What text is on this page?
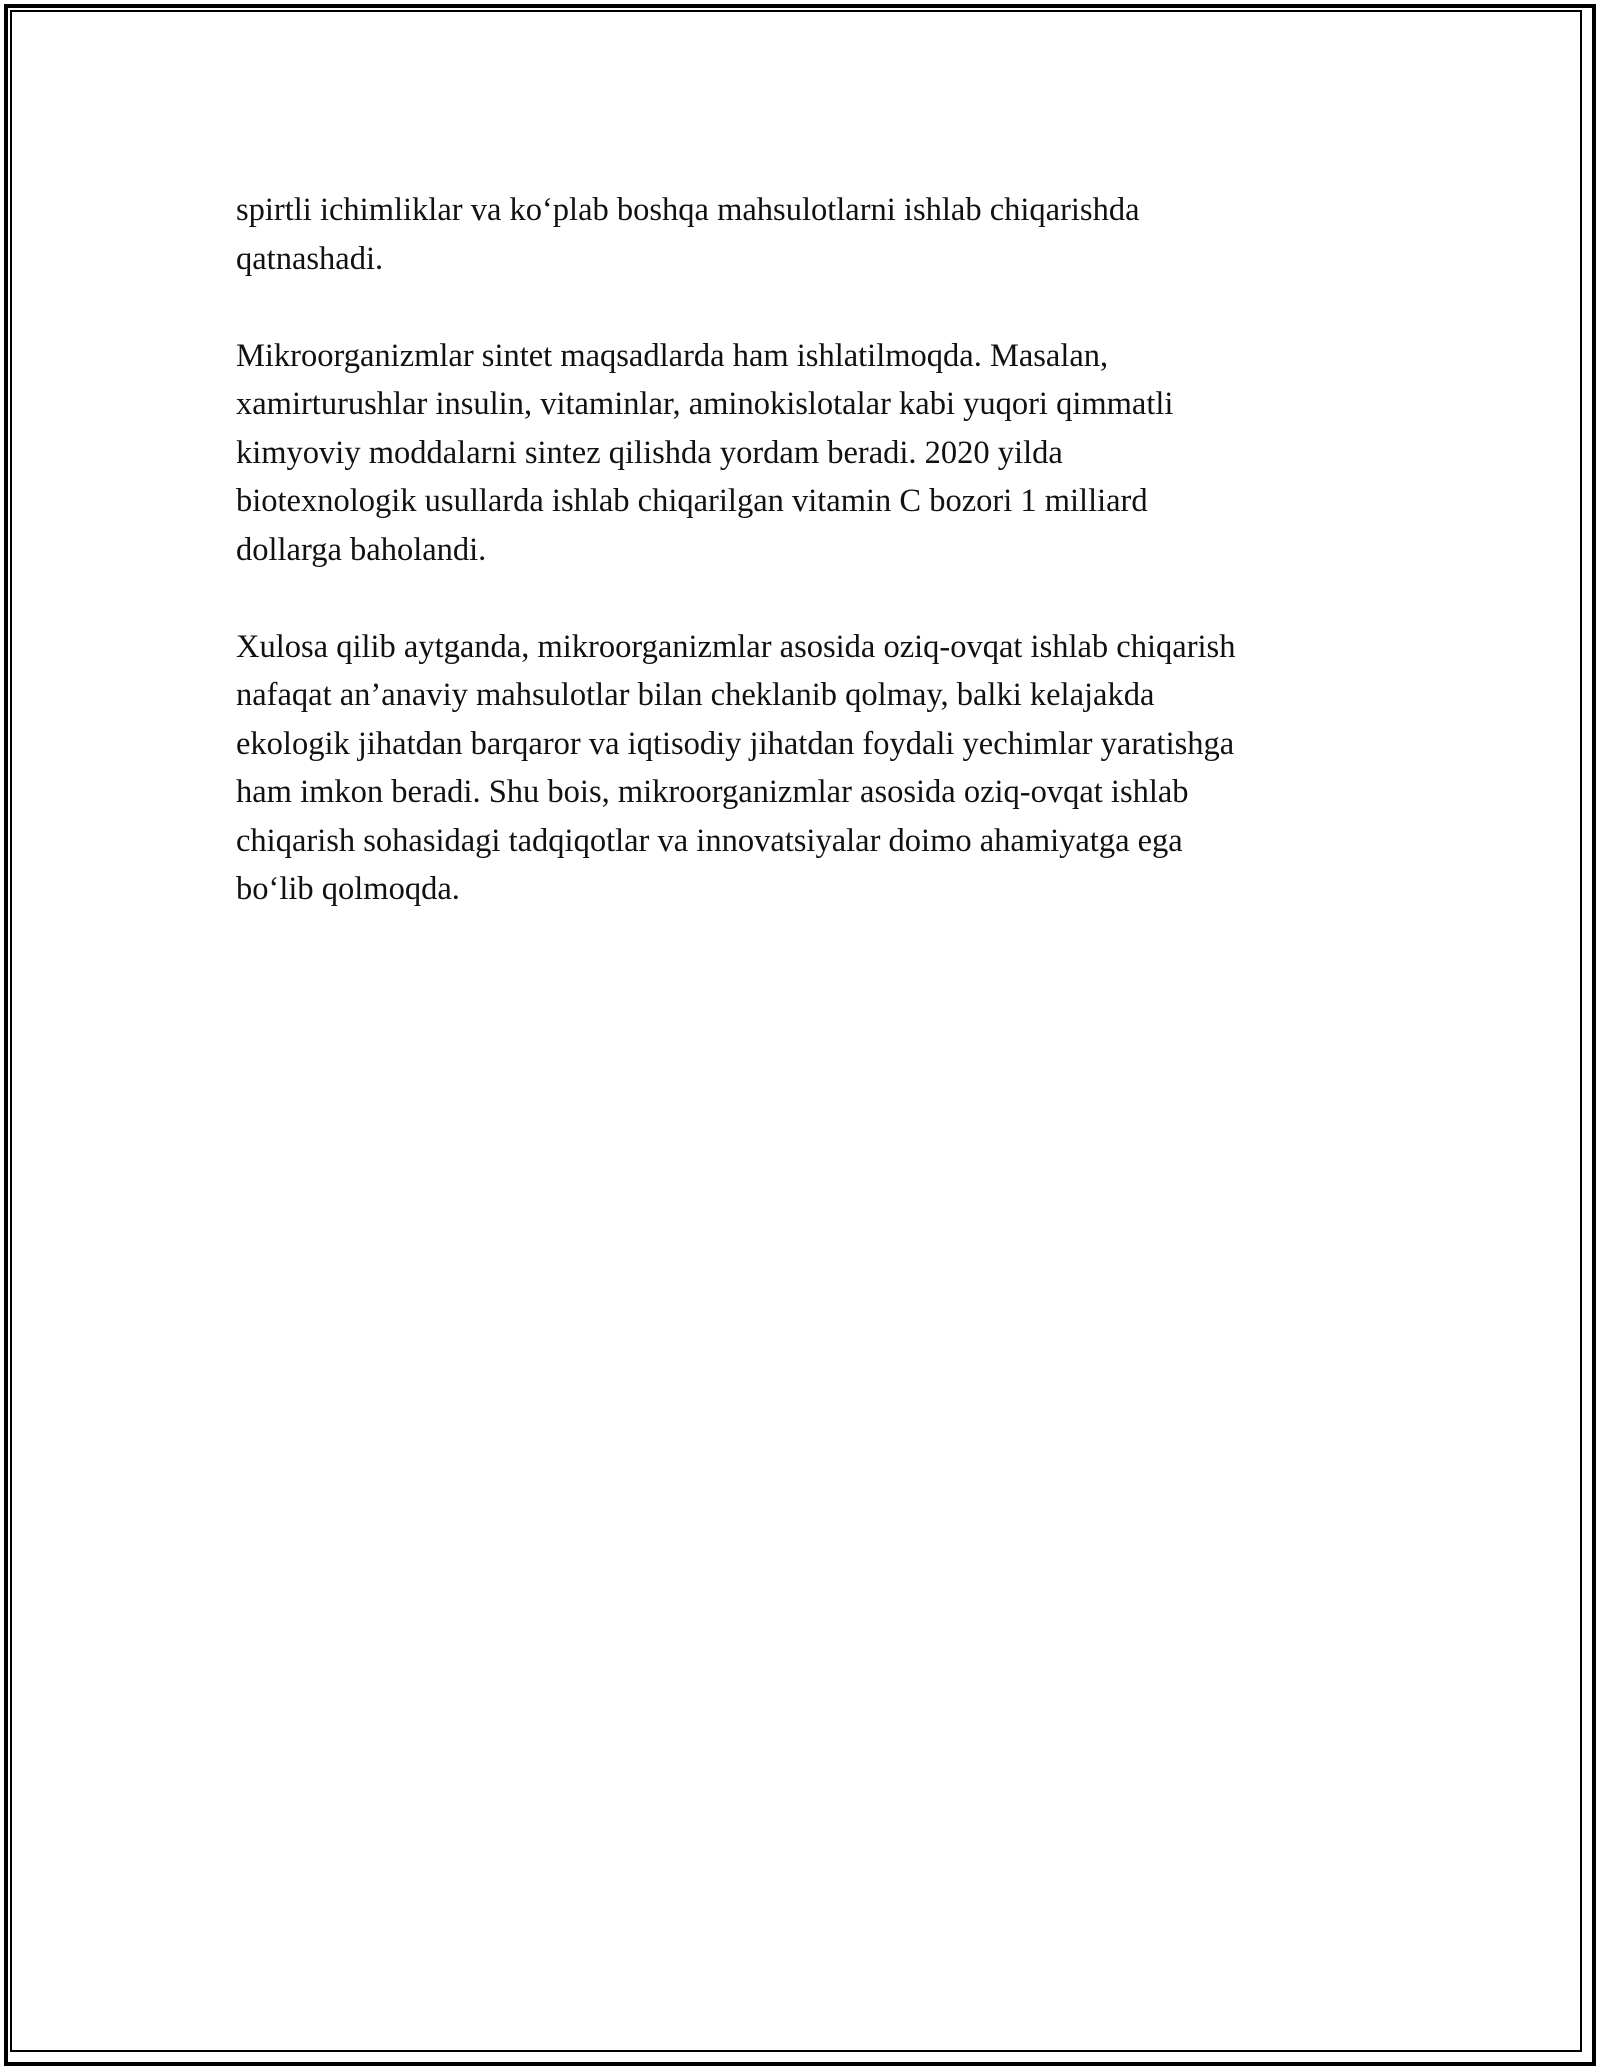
spirtli ichimliklar va ko‘plab boshqa mahsulotlarni ishlab chiqarishda
qatnashadi.

Mikroorganizmlar sintet maqsadlarda ham ishlatilmoqda. Masalan,
xamirturushlar insulin, vitaminlar, aminokislotalar kabi yuqori qimmatli
kimyoviy moddalarni sintez qilishda yordam beradi. 2020 yilda
biotexnologik usullarda ishlab chiqarilgan vitamin C bozori 1 milliard
dollarga baholandi.

Xulosa qilib aytganda, mikroorganizmlar asosida oziq-ovqat ishlab chiqarish
nafaqat an’anaviy mahsulotlar bilan cheklanib qolmay, balki kelajakda
ekologik jihatdan barqaror va iqtisodiy jihatdan foydali yechimlar yaratishga
ham imkon beradi. Shu bois, mikroorganizmlar asosida oziq-ovqat ishlab
chiqarish sohasidagi tadqiqotlar va innovatsiyalar doimo ahamiyatga ega
bo‘lib qolmoqda.
